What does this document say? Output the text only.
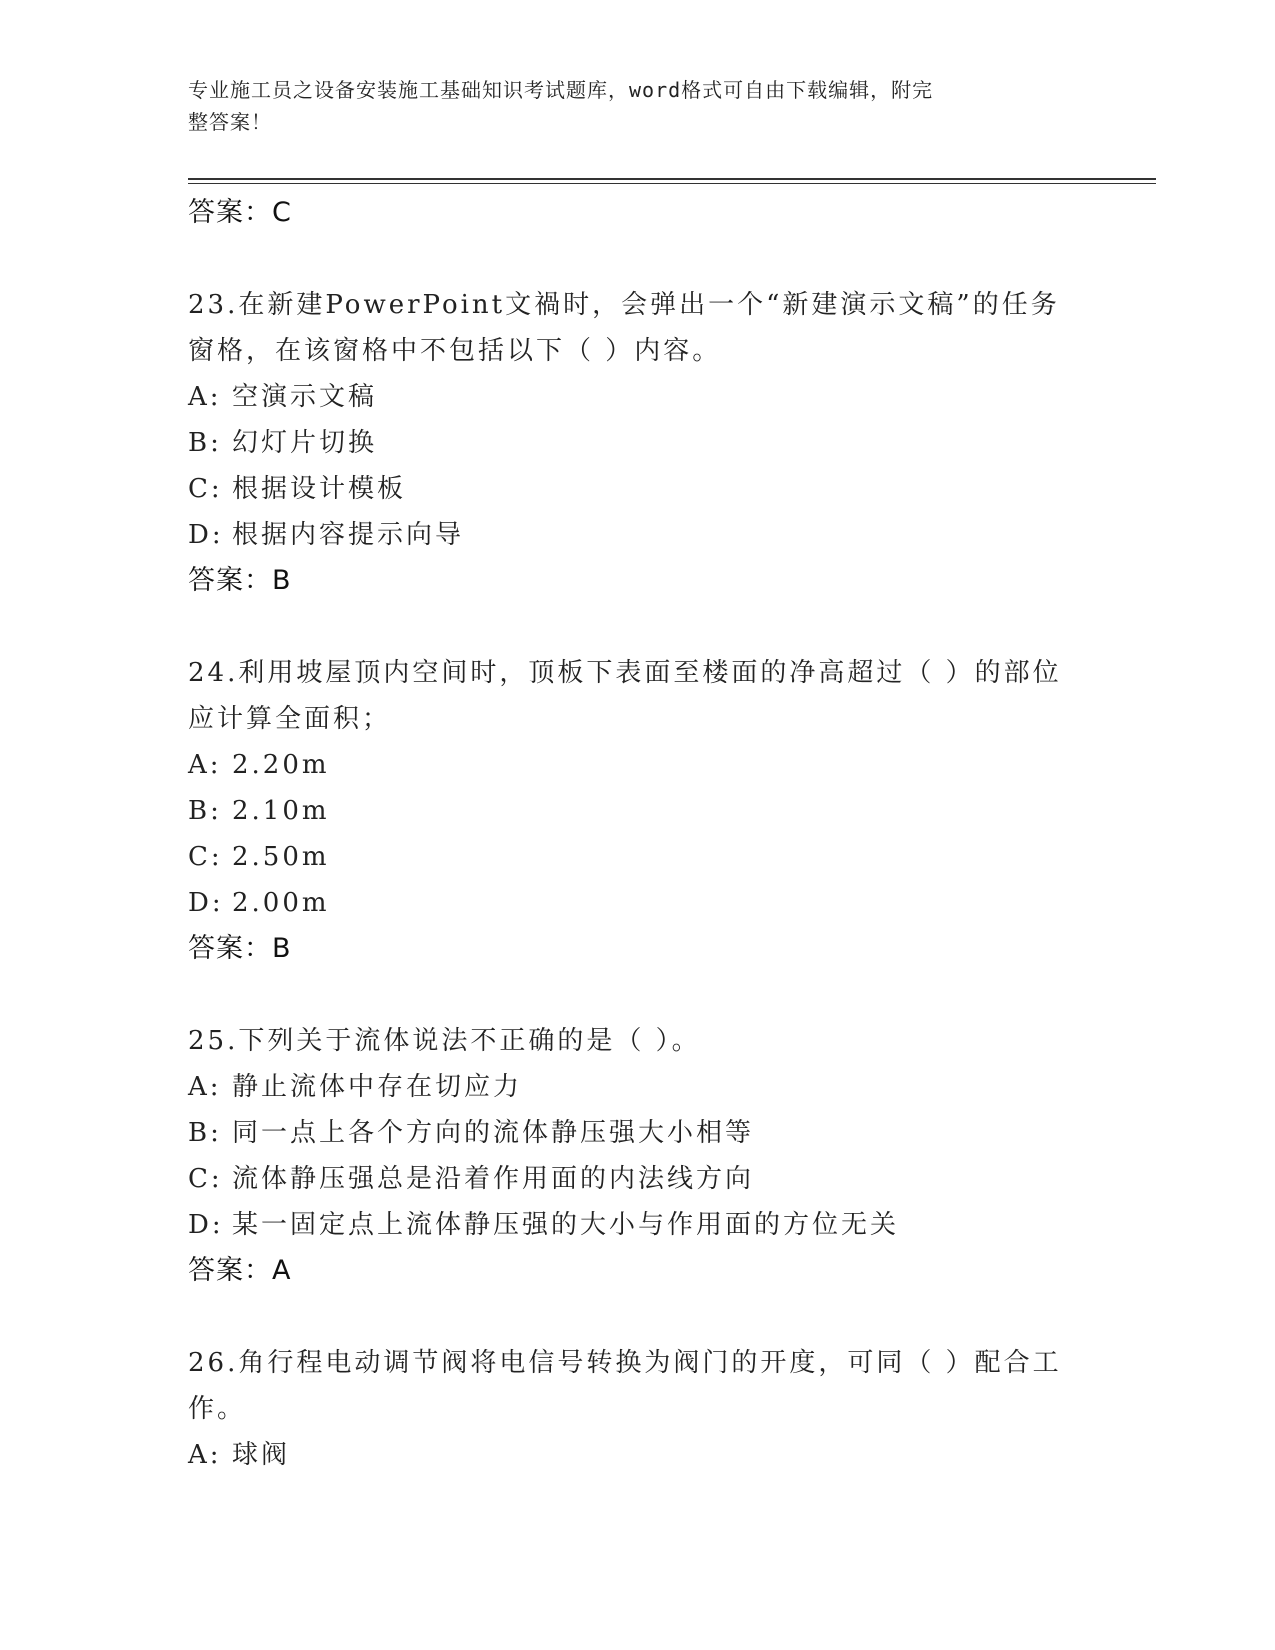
专业施工员之设备安装施工基础知识考试题库，word格式可自由下载编辑，附完
整答案！
答案：C
23.在新建PowerPoint文禍时，会弹出一个“新建演示文稿”的任务
窗格，在该窗格中不包括以下（ ）内容。
A: 空演示文稿
B: 幻灯片切换
C: 根据设计模板
D: 根据内容提示向导
答案：B
24.利用坡屋顶内空间时，顶板下表面至楼面的净高超过（ ）的部位
应计算全面积；
A: 2.20m
B: 2.10m
C: 2.50m
D: 2.00m
答案：B
25.下列关于流体说法不正确的是（ ）。
A: 静止流体中存在切应力
B: 同一点上各个方向的流体静压强大小相等
C: 流体静压强总是沿着作用面的内法线方向
D: 某一固定点上流体静压强的大小与作用面的方位无关
答案：A
26.角行程电动调节阀将电信号转换为阀门的开度，可同（ ）配合工
作。
A: 球阀
